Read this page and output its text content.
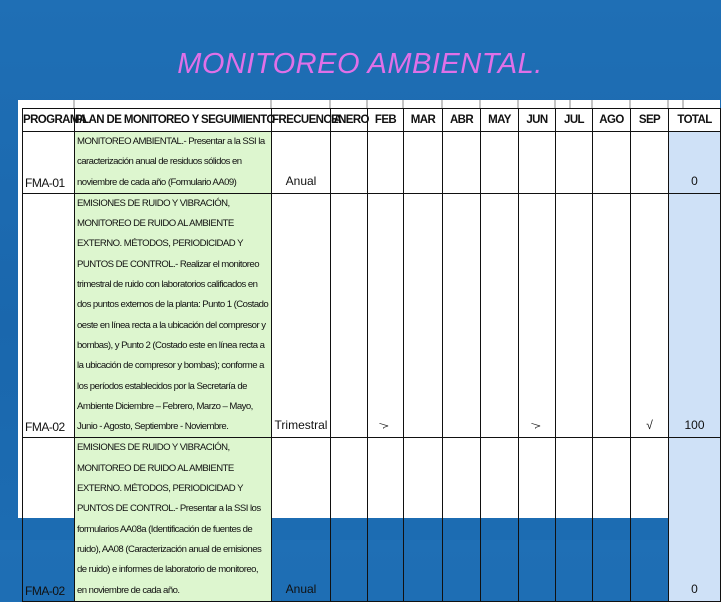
MONITOREO AMBIENTAL.
PROGRAMA	PLAN DE MONITOREO Y SEGUIMIENTO	FRECUENCIA	ENERO	FEB	MAR	ABR	MAY	JUN	JUL	AGO	SEP	TOTAL
FMA-01	MONITOREO AMBIENTAL.- Presentar a la SSI la caracterización anual de residuos sólidos en noviembre de cada año (Formulario AA09)	Anual										0
FMA-02	EMISIONES DE RUIDO Y VIBRACIÓN, MONITOREO DE RUIDO AL AMBIENTE EXTERNO. MÉTODOS, PERIODICIDAD Y PUNTOS DE CONTROL.- Realizar el monitoreo trimestral de ruido con laboratorios calificados en dos puntos externos de la planta: Punto 1 (Costado oeste en línea recta a la ubicación del compresor y bombas), y Punto 2 (Costado este en línea recta a la ubicación de compresor y bombas); conforme a los períodos establecidos por la Secretaría de Ambiente Diciembre – Febrero, Marzo – Mayo, Junio - Agosto, Septiembre - Noviembre.	Trimestral		√				√			√	100
FMA-02	EMISIONES DE RUIDO Y VIBRACIÓN, MONITOREO DE RUIDO AL AMBIENTE EXTERNO. MÉTODOS, PERIODICIDAD Y PUNTOS DE CONTROL.- Presentar a la SSI los formularios AA08a (Identificación de fuentes de ruido), AA08 (Caracterización anual de emisiones de ruido) e informes de laboratorio de monitoreo, en noviembre de cada año.	Anual										0
